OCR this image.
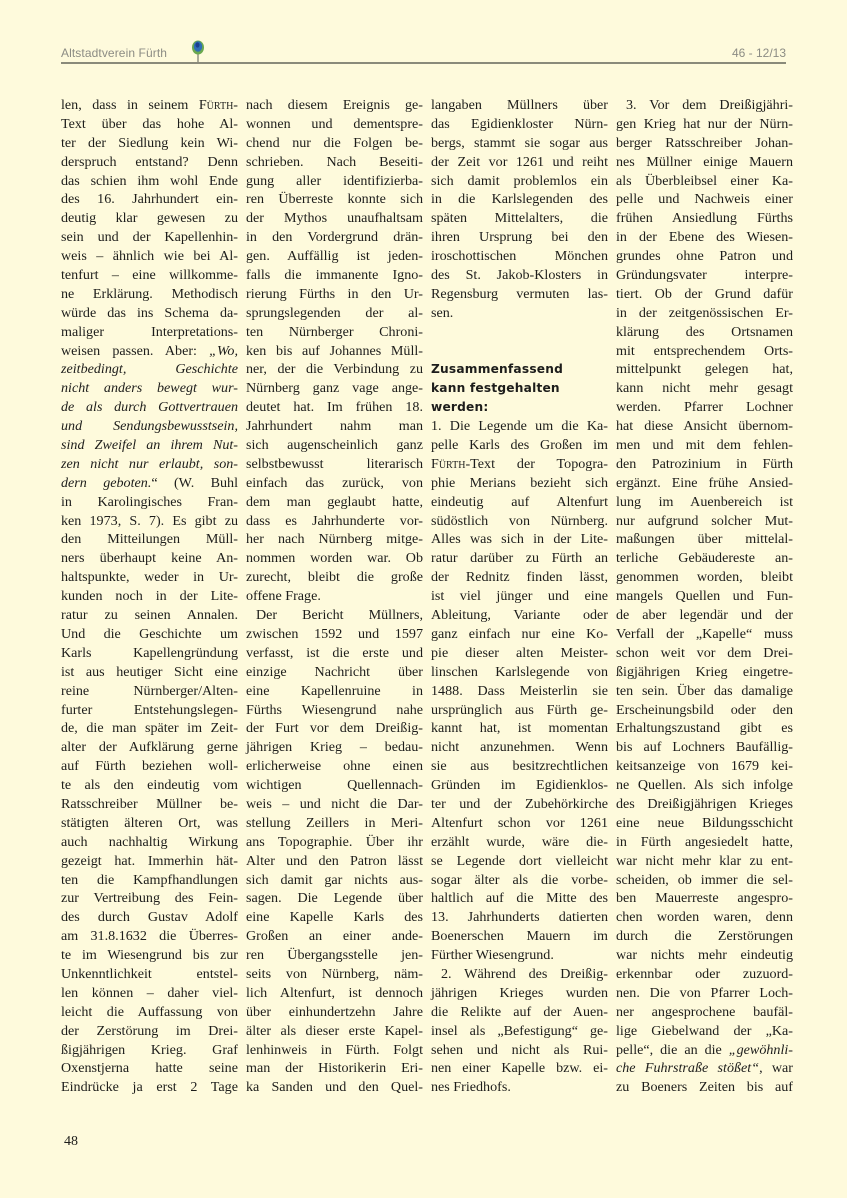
Altstadtverein Fürth	46 - 12/13
len, dass in seinem Fürth-
Text über das hohe Al-
ter der Siedlung kein Wi-
derspruch entstand? Denn
das schien ihm wohl Ende
des 16. Jahrhundert ein-
deutig klar gewesen zu
sein und der Kapellenhin-
weis – ähnlich wie bei Al-
tenfurt – eine willkomme-
ne Erklärung. Methodisch
würde das ins Schema da-
maliger Interpretations-
weisen passen. Aber: „Wo,
zeitbedingt, Geschichte
nicht anders bewegt wur-
de als durch Gottvertrauen
und Sendungsbewusstsein,
sind Zweifel an ihrem Nut-
zen nicht nur erlaubt, son-
dern geboten.“ (W. Buhl
in Karolingisches Fran-
ken 1973, S. 7). Es gibt zu
den Mitteilungen Müll-
ners überhaupt keine An-
haltspunkte, weder in Ur-
kunden noch in der Lite-
ratur zu seinen Annalen.
Und die Geschichte um
Karls Kapellengründung
ist aus heutiger Sicht eine
reine Nürnberger/Alten-
furter Entstehungslegen-
de, die man später im Zeit-
alter der Aufklärung gerne
auf Fürth beziehen woll-
te als den eindeutig vom
Ratsschreiber Müllner be-
stätigten älteren Ort, was
auch nachhaltig Wirkung
gezeigt hat. Immerhin hät-
ten die Kampfhandlungen
zur Vertreibung des Fein-
des durch Gustav Adolf
am 31.8.1632 die Überres-
te im Wiesengrund bis zur
Unkenntlichkeit entstel-
len können – daher viel-
leicht die Auffassung von
der Zerstörung im Drei-
ßigjährigen Krieg. Graf
Oxenstjerna hatte seine
Eindrücke ja erst 2 Tage
nach diesem Ereignis ge-
wonnen und dementspre-
chend nur die Folgen be-
schrieben. Nach Beseiti-
gung aller identifizierba-
ren Überreste konnte sich
der Mythos unaufhaltsam
in den Vordergrund drän-
gen. Auffällig ist jeden-
falls die immanente Igno-
rierung Fürths in den Ur-
sprungslegenden der al-
ten Nürnberger Chroni-
ken bis auf Johannes Müll-
ner, der die Verbindung zu
Nürnberg ganz vage ange-
deutet hat. Im frühen 18.
Jahrhundert nahm man
sich augenscheinlich ganz
selbstbewusst literarisch
einfach das zurück, von
dem man geglaubt hatte,
dass es Jahrhunderte vor-
her nach Nürnberg mitge-
nommen worden war. Ob
zurecht, bleibt die große
offene Frage.
Der Bericht Müllners,
zwischen 1592 und 1597
verfasst, ist die erste und
einzige Nachricht über
eine Kapellenruine in
Fürths Wiesengrund nahe
der Furt vor dem Dreißig-
jährigen Krieg – bedau-
erlicherweise ohne einen
wichtigen Quellennach-
weis – und nicht die Dar-
stellung Zeillers in Meri-
ans Topographie. Über ihr
Alter und den Patron lässt
sich damit gar nichts aus-
sagen. Die Legende über
eine Kapelle Karls des
Großen an einer ande-
ren Übergangsstelle jen-
seits von Nürnberg, näm-
lich Altenfurt, ist dennoch
über einhundertzehn Jahre
älter als dieser erste Kapel-
lenhinweis in Fürth. Folgt
man der Historikerin Eri-
ka Sanden und den Quel-
langaben Müllners über
das Egidienkloster Nürn-
bergs, stammt sie sogar aus
der Zeit vor 1261 und reiht
sich damit problemlos ein
in die Karlslegenden des
späten Mittelalters, die
ihren Ursprung bei den
iroschottischen Mönchen
des St. Jakob-Klosters in
Regensburg vermuten las-
sen.
Zusammenfassend
kann festgehalten
werden:
1. Die Legende um die Ka-
pelle Karls des Großen im
Fürth-Text der Topogra-
phie Merians bezieht sich
eindeutig auf Altenfurt
südöstlich von Nürnberg.
Alles was sich in der Lite-
ratur darüber zu Fürth an
der Rednitz finden lässt,
ist viel jünger und eine
Ableitung, Variante oder
ganz einfach nur eine Ko-
pie dieser alten Meister-
linschen Karlslegende von
1488. Dass Meisterlin sie
ursprünglich aus Fürth ge-
kannt hat, ist momentan
nicht anzunehmen. Wenn
sie aus besitzrechtlichen
Gründen im Egidienklos-
ter und der Zubehörkirche
Altenfurt schon vor 1261
erzählt wurde, wäre die-
se Legende dort vielleicht
sogar älter als die vorbe-
haltlich auf die Mitte des
13. Jahrhunderts datierten
Boenerschen Mauern im
Fürther Wiesengrund.
2. Während des Dreißig-
jährigen Krieges wurden
die Relikte auf der Auen-
insel als „Befestigung“ ge-
sehen und nicht als Rui-
nen einer Kapelle bzw. ei-
nes Friedhofs.
3. Vor dem Dreißigjähri-
gen Krieg hat nur der Nürn-
berger Ratsschreiber Johan-
nes Müllner einige Mauern
als Überbleibsel einer Ka-
pelle und Nachweis einer
frühen Ansiedlung Fürths
in der Ebene des Wiesen-
grundes ohne Patron und
Gründungsvater interpre-
tiert. Ob der Grund dafür
in der zeitgenössischen Er-
klärung des Ortsnamen
mit entsprechendem Orts-
mittelpunkt gelegen hat,
kann nicht mehr gesagt
werden. Pfarrer Lochner
hat diese Ansicht übernom-
men und mit dem fehlen-
den Patrozinium in Fürth
ergänzt. Eine frühe Ansied-
lung im Auenbereich ist
nur aufgrund solcher Mut-
maßungen über mittelal-
terliche Gebäudereste an-
genommen worden, bleibt
mangels Quellen und Fun-
de aber legendär und der
Verfall der „Kapelle“ muss
schon weit vor dem Drei-
ßigjährigen Krieg eingetre-
ten sein. Über das damalige
Erscheinungsbild oder den
Erhaltungszustand gibt es
bis auf Lochners Baufällig-
keitsanzeige von 1679 kei-
ne Quellen. Als sich infolge
des Dreißigjährigen Krieges
eine neue Bildungsschicht
in Fürth angesiedelt hatte,
war nicht mehr klar zu ent-
scheiden, ob immer die sel-
ben Mauerreste angespro-
chen worden waren, denn
durch die Zerstörungen
war nichts mehr eindeutig
erkennbar oder zuzuord-
nen. Die von Pfarrer Loch-
ner angesprochene baufäl-
lige Giebelwand der „Ka-
pelle“, die an die „gewöhnli-
che Fuhrstraße stößet“, war
zu Boeners Zeiten bis auf
48
